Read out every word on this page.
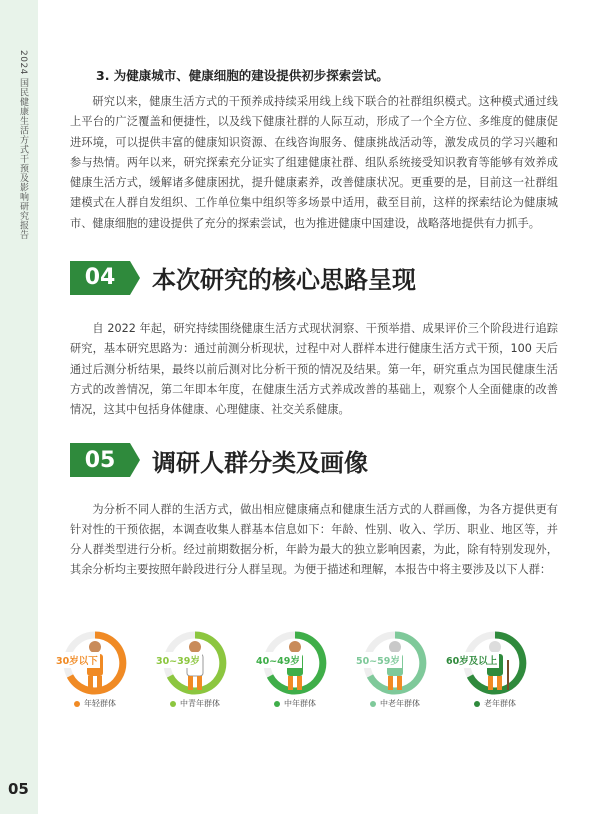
2024 国民健康生活方式干预及影响研究报告
05
3. 为健康城市、健康细胞的建设提供初步探索尝试。

研究以来，健康生活方式的干预养成持续采用线上线下联合的社群组织模式。这种模式通过线上平台的广泛覆盖和便捷性，以及线下健康社群的人际互动，形成了一个全方位、多维度的健康促进环境，可以提供丰富的健康知识资源、在线咨询服务、健康挑战活动等，激发成员的学习兴趣和参与热情。两年以来，研究探索充分证实了组建健康社群、组队系统接受知识教育等能够有效养成健康生活方式，缓解诸多健康困扰，提升健康素养，改善健康状况。更重要的是，目前这一社群组建模式在人群自发组织、工作单位集中组织等多场景中适用，截至目前，这样的探索结论为健康城市、健康细胞的建设提供了充分的探索尝试，也为推进健康中国建设，战略落地提供有力抓手。

04	本次研究的核心思路呈现

自 2022 年起，研究持续围绕健康生活方式现状洞察、干预举措、成果评价三个阶段进行追踪研究，基本研究思路为：通过前测分析现状，过程中对人群样本进行健康生活方式干预，100 天后通过后测分析结果，最终以前后测对比分析干预的情况及结果。第一年，研究重点为国民健康生活方式的改善情况，第二年即本年度，在健康生活方式养成改善的基础上，观察个人全面健康的改善情况，这其中包括身体健康、心理健康、社交关系健康。

05	调研人群分类及画像

为分析不同人群的生活方式，做出相应健康痛点和健康生活方式的人群画像，为各方提供更有针对性的干预依据，本调查收集人群基本信息如下：年龄、性别、收入、学历、职业、地区等，并分人群类型进行分析。经过前期数据分析，年龄为最大的独立影响因素，为此，除有特别发现外，其余分析均主要按照年龄段进行分人群呈现。为便于描述和理解，本报告中将主要涉及以下人群：

30岁以下
年轻群体
30~39岁
中青年群体
40~49岁
中年群体
50~59岁
中老年群体
60岁及以上
老年群体
